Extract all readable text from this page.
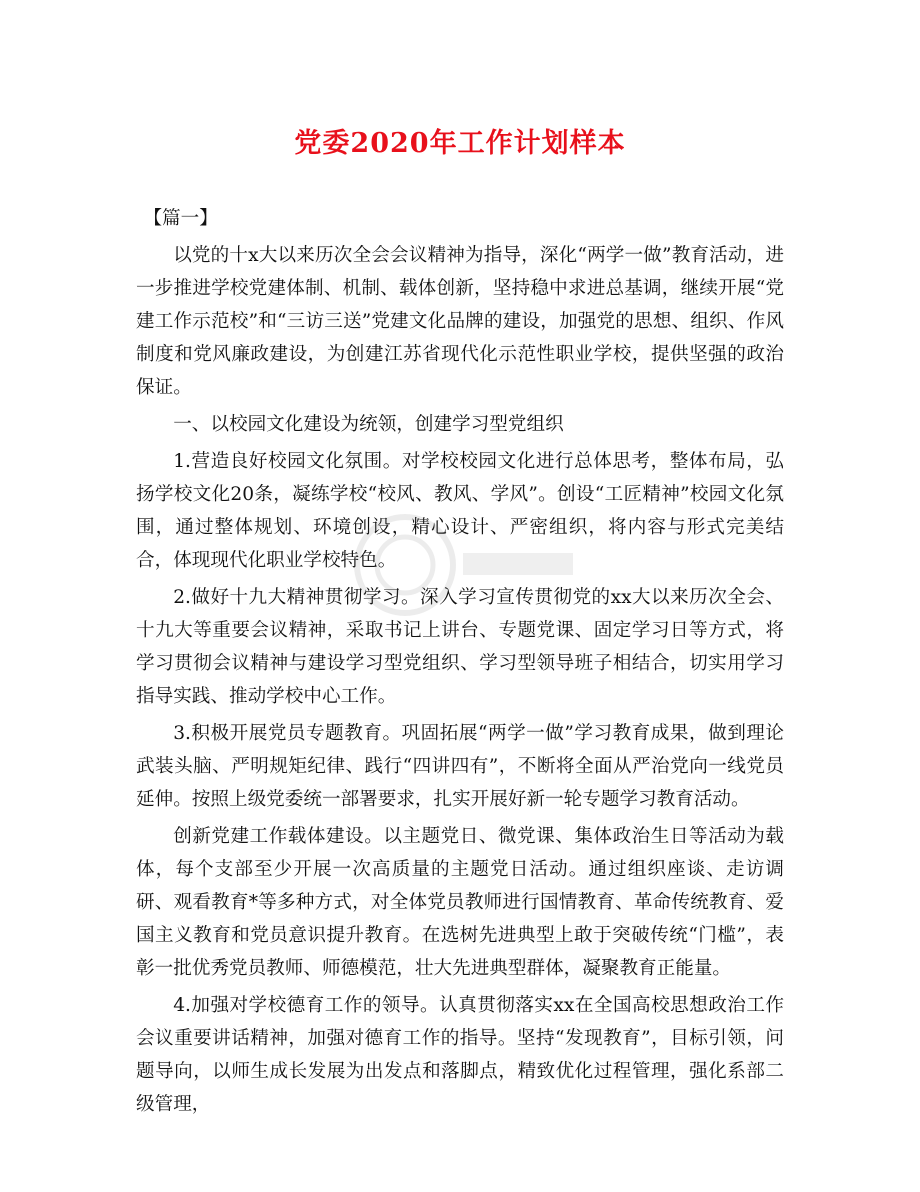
党委2020年工作计划样本

【篇一】

以党的十x大以来历次全会会议精神为指导，深化“两学一做”教育活动，进一步推进学校党建体制、机制、载体创新，坚持稳中求进总基调，继续开展“党建工作示范校”和“三访三送”党建文化品牌的建设，加强党的思想、组织、作风制度和党风廉政建设，为创建江苏省现代化示范性职业学校，提供坚强的政治保证。

一、以校园文化建设为统领，创建学习型党组织

1.营造良好校园文化氛围。对学校校园文化进行总体思考，整体布局，弘扬学校文化20条，凝练学校“校风、教风、学风”。创设“工匠精神”校园文化氛围，通过整体规划、环境创设，精心设计、严密组织，将内容与形式完美结合，体现现代化职业学校特色。

2.做好十九大精神贯彻学习。深入学习宣传贯彻党的xx大以来历次全会、十九大等重要会议精神，采取书记上讲台、专题党课、固定学习日等方式，将学习贯彻会议精神与建设学习型党组织、学习型领导班子相结合，切实用学习指导实践、推动学校中心工作。

3.积极开展党员专题教育。巩固拓展“两学一做”学习教育成果，做到理论武装头脑、严明规矩纪律、践行“四讲四有”，不断将全面从严治党向一线党员延伸。按照上级党委统一部署要求，扎实开展好新一轮专题学习教育活动。

创新党建工作载体建设。以主题党日、微党课、集体政治生日等活动为载体，每个支部至少开展一次高质量的主题党日活动。通过组织座谈、走访调研、观看教育*等多种方式，对全体党员教师进行国情教育、革命传统教育、爱国主义教育和党员意识提升教育。在选树先进典型上敢于突破传统“门槛”，表彰一批优秀党员教师、师德模范，壮大先进典型群体，凝聚教育正能量。

4.加强对学校德育工作的领导。认真贯彻落实xx在全国高校思想政治工作会议重要讲话精神，加强对德育工作的指导。坚持“发现教育”，目标引领，问题导向，以师生成长发展为出发点和落脚点，精致优化过程管理，强化系部二级管理，
